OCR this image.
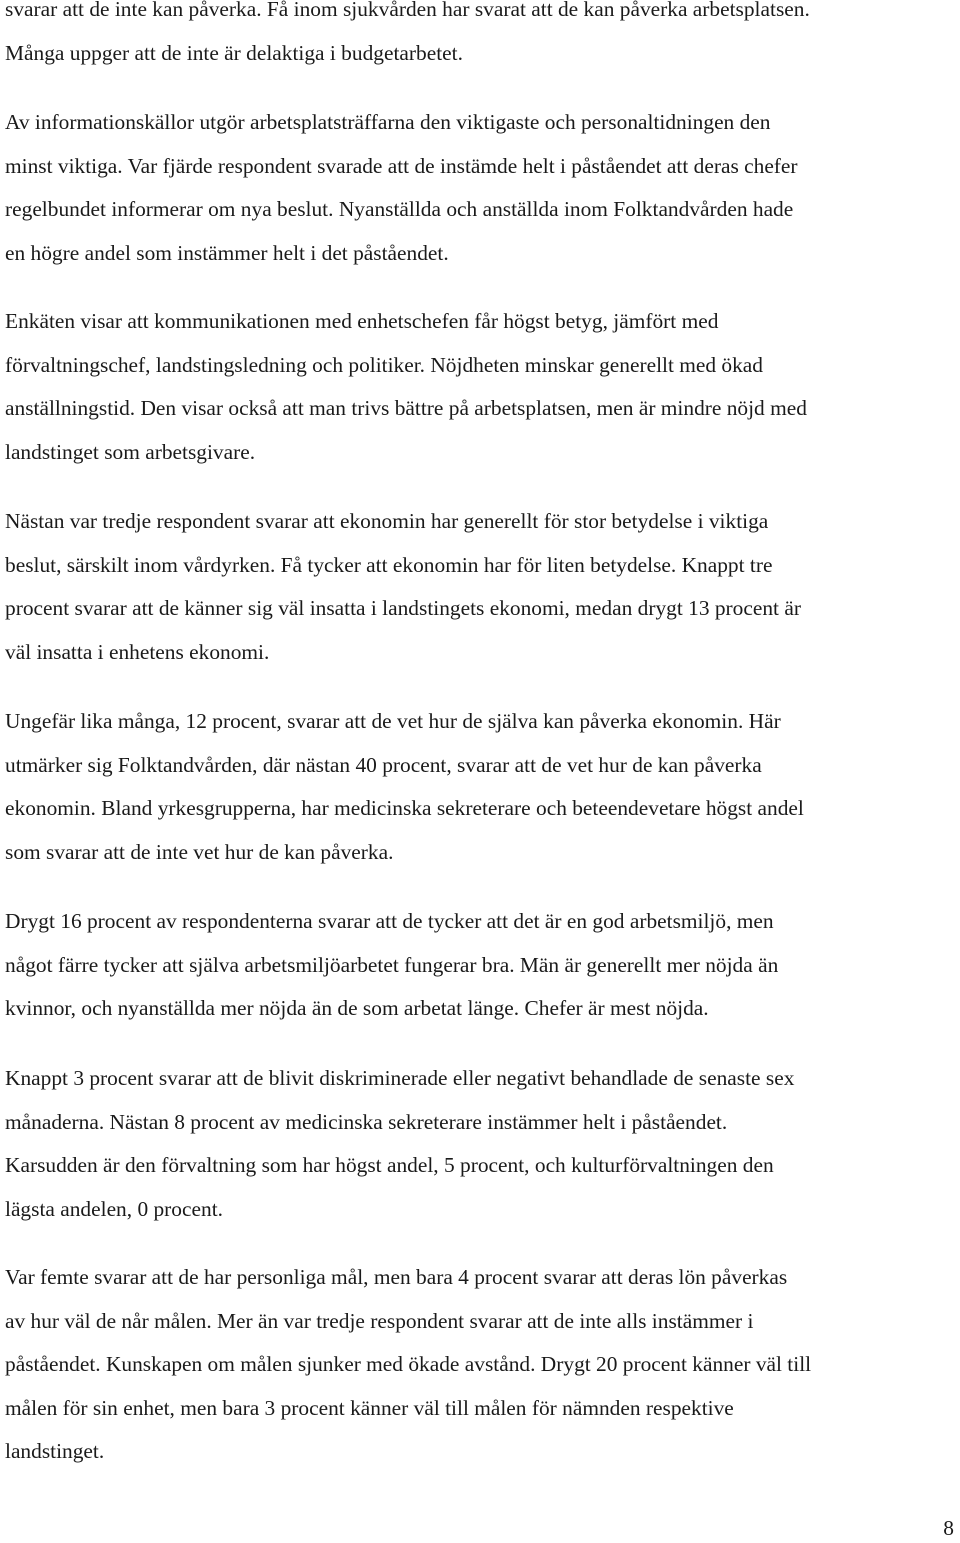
svarar att de inte kan påverka. Få inom sjukvården har svarat att de kan påverka arbetsplatsen.
Många uppger att de inte är delaktiga i budgetarbetet.
Av informationskällor utgör arbetsplatsträffarna den viktigaste och personaltidningen den
minst viktiga. Var fjärde respondent svarade att de instämde helt i påståendet att deras chefer
regelbundet informerar om nya beslut. Nyanställda och anställda inom Folktandvården hade
en högre andel som instämmer helt i det påståendet.
Enkäten visar att kommunikationen med enhetschefen får högst betyg, jämfört med
förvaltningschef, landstingsledning och politiker. Nöjdheten minskar generellt med ökad
anställningstid. Den visar också att man trivs bättre på arbetsplatsen, men är mindre nöjd med
landstinget som arbetsgivare.
Nästan var tredje respondent svarar att ekonomin har generellt för stor betydelse i viktiga
beslut, särskilt inom vårdyrken. Få tycker att ekonomin har för liten betydelse. Knappt tre
procent svarar att de känner sig väl insatta i landstingets ekonomi, medan drygt 13 procent är
väl insatta i enhetens ekonomi.
Ungefär lika många, 12 procent, svarar att de vet hur de själva kan påverka ekonomin. Här
utmärker sig Folktandvården, där nästan 40 procent, svarar att de vet hur de kan påverka
ekonomin. Bland yrkesgrupperna, har medicinska sekreterare och beteendevetare högst andel
som svarar att de inte vet hur de kan påverka.
Drygt 16 procent av respondenterna svarar att de tycker att det är en god arbetsmiljö, men
något färre tycker att själva arbetsmiljöarbetet fungerar bra. Män är generellt mer nöjda än
kvinnor, och nyanställda mer nöjda än de som arbetat länge. Chefer är mest nöjda.
Knappt 3 procent svarar att de blivit diskriminerade eller negativt behandlade de senaste sex
månaderna. Nästan 8 procent av medicinska sekreterare instämmer helt i påståendet.
Karsudden är den förvaltning som har högst andel, 5 procent, och kulturförvaltningen den
lägsta andelen, 0 procent.
Var femte svarar att de har personliga mål, men bara 4 procent svarar att deras lön påverkas
av hur väl de når målen. Mer än var tredje respondent svarar att de inte alls instämmer i
påståendet. Kunskapen om målen sjunker med ökade avstånd. Drygt 20 procent känner väl till
målen för sin enhet, men bara 3 procent känner väl till målen för nämnden respektive
landstinget.
8
